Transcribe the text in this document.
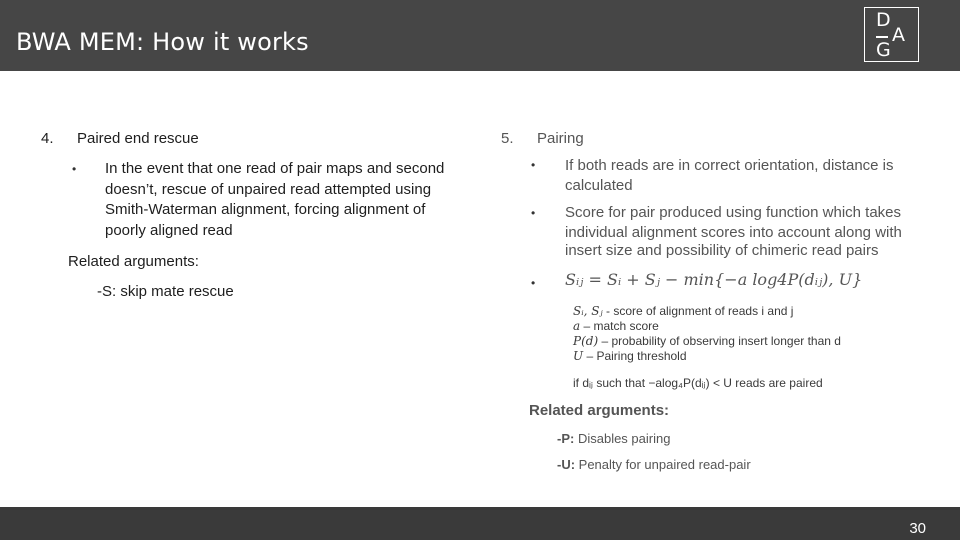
BWA MEM: How it works
D
A
G
4. Paired end rescue
• In the event that one read of pair maps and second
doesn’t, rescue of unpaired read attempted using
Smith-Waterman alignment, forcing alignment of
poorly aligned read
Related arguments:
-S: skip mate rescue
5. Pairing
• If both reads are in correct orientation, distance is
calculated
• Score for pair produced using function which takes
individual alignment scores into account along with
insert size and possibility of chimeric read pairs
• Sᵢⱼ = Sᵢ + Sⱼ − min{−a log4P(dᵢⱼ), U}
Sᵢ, Sⱼ - score of alignment of reads i and j
a – match score
P(d) – probability of observing insert longer than d
U – Pairing threshold
if dᵢⱼ such that −alog₄P(dᵢⱼ) < U reads are paired
Related arguments:
-P: Disables pairing
-U: Penalty for unpaired read-pair
30
